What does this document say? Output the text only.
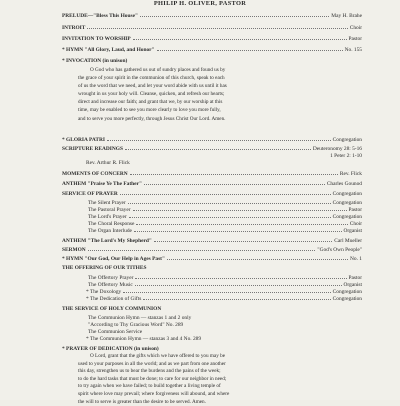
PHILIP H. OLIVER, PASTOR
PRELUDE—"Bless This House"	May H. Brahe
INTROIT	Choir
INVITATION TO WORSHIP	Pastor
* HYMN "All Glory, Laud, and Honor"	No. 155
* INVOCATION (in unison)
O God who has gathered us out of sundry places and found us by
the grace of your spirit in the communion of this church, speak to each
of us the word that we need, and let your word abide with us until it has
wrought in us your holy will. Cleanse, quicken, and refresh our hearts;
direct and increase our faith; and grant that we, by our worship at this
time, may be enabled to see you more clearly to love you more fully,
and to serve you more perfectly, through Jesus Christ Our Lord. Amen.
* GLORIA PATRI	Congregation
SCRIPTURE READINGS	Deuteronomy 28: 5-16
1 Peter 2: 1-10
Rev. Arthur R. Flick
MOMENTS OF CONCERN	Rev. Flick
ANTHEM "Praise Ye The Father"	Charles Gounod
SERVICE OF PRAYER	Congregation
The Silent Prayer	Congregation
The Pastoral Prayer	Pastor
The Lord's Prayer	Congregation
The Choral Response	Choir
The Organ Interlude	Organist
ANTHEM "The Lord's My Shepherd"	Carl Mueller
SERMON	"God's Own People"
* HYMN "Our God, Our Help in Ages Past"	No. 1
THE OFFERING OF OUR TITHES
The Offertory Prayer	Pastor
The Offertory Music	Organist
* The Doxology	Congregation
* The Dedication of Gifts	Congregation
THE SERVICE OF HOLY COMMUNION
The Communion Hymn — stanzas 1 and 2 only
"According to Thy Gracious Word" No. 289
The Communion Service
* The Communion Hymn — stanzas 3 and 4 No. 289
* PRAYER OF DEDICATION (in unison)
O Lord, grant that the gifts which we have offered to you may be
used to your purposes in all the world; and as we part from one another
this day, strengthen us to bear the burdens and the pains of the week;
to do the hard tasks that must be done; to care for our neighbor in need;
to try again when we have failed; to build together a living temple of
spirit where love may prevail; where forgiveness will abound, and where
the will to serve is greater than the desire to be served. Amen.
